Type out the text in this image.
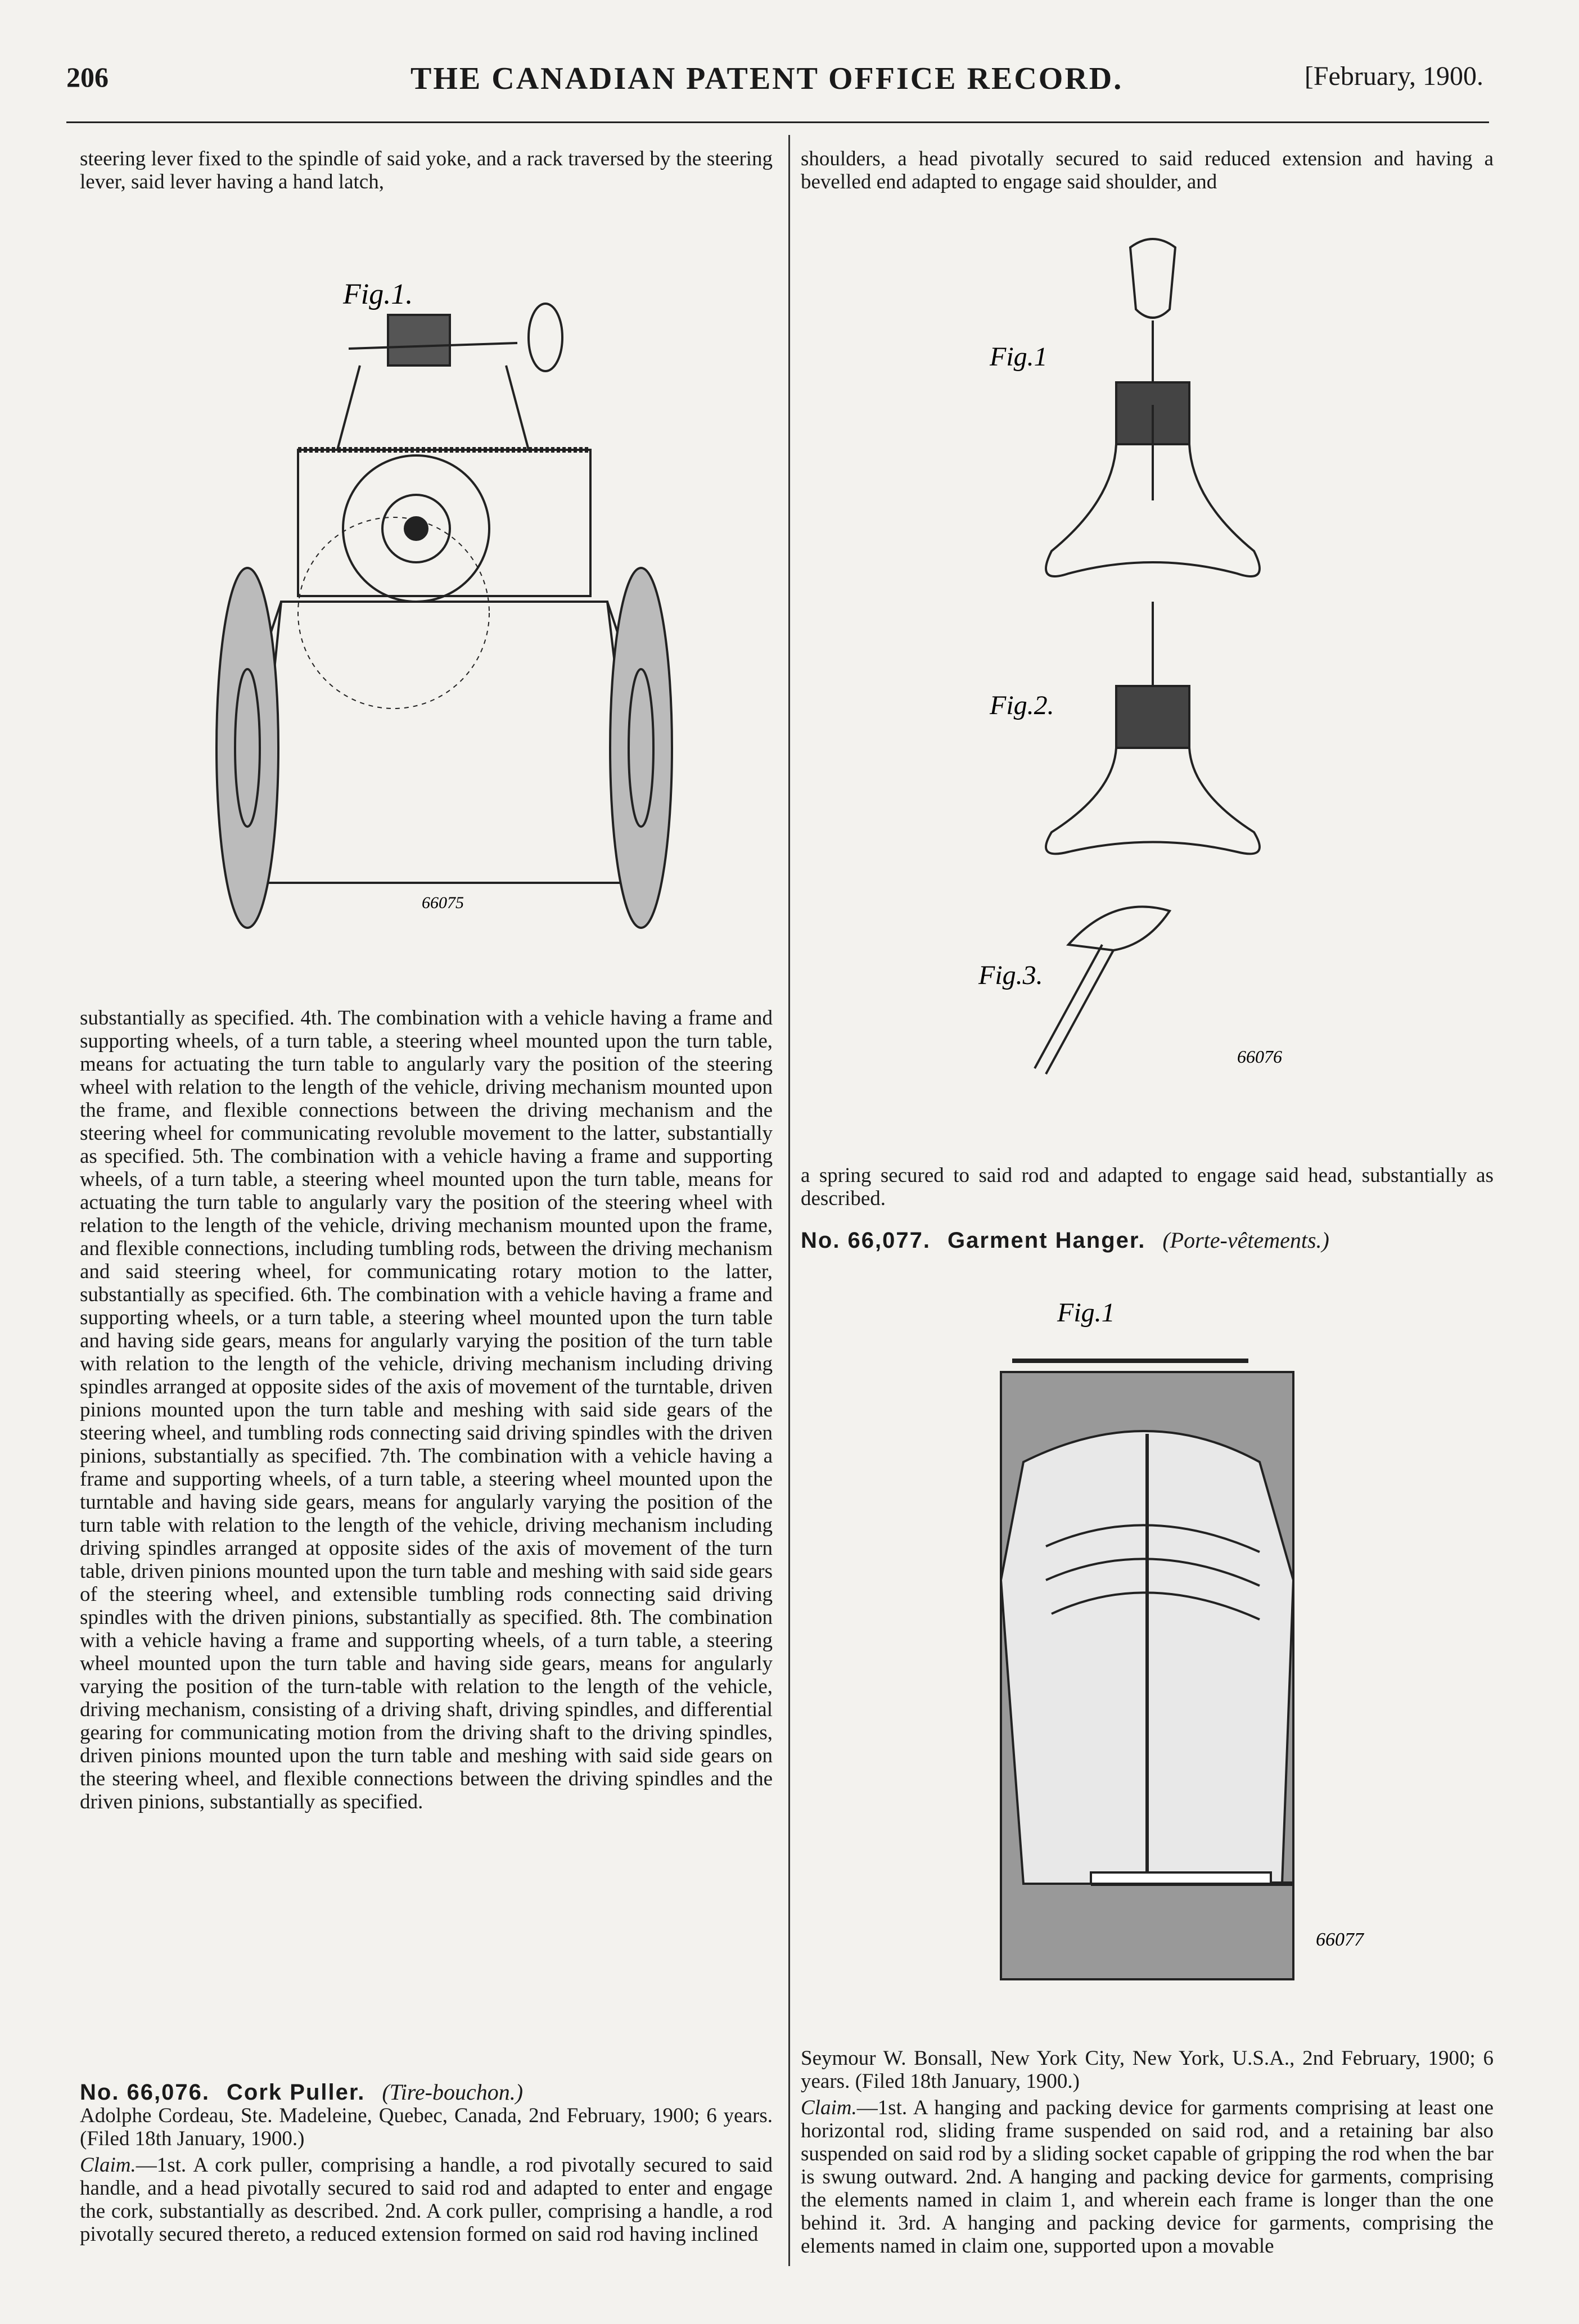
206	THE CANADIAN PATENT OFFICE RECORD.	[February, 1900.

steering lever fixed to the spindle of said yoke, and a rack traversed by the steering lever, said lever having a hand latch,

Fig.1.
66075

substantially as specified. 4th. The combination with a vehicle having a frame and supporting wheels, of a turn table, a steering wheel mounted upon the turn table, means for actuating the turn table to angularly vary the position of the steering wheel with relation to the length of the vehicle, driving mechanism mounted upon the frame, and flexible connections between the driving mechanism and the steering wheel for communicating revoluble movement to the latter, substantially as specified. 5th. The combination with a vehicle having a frame and supporting wheels, of a turn table, a steering wheel mounted upon the turn table, means for actuating the turn table to angularly vary the position of the steering wheel with relation to the length of the vehicle, driving mechanism mounted upon the frame, and flexible connections, including tumbling rods, between the driving mechanism and said steering wheel, for communicating rotary motion to the latter, substantially as specified. 6th. The combination with a vehicle having a frame and supporting wheels, or a turn table, a steering wheel mounted upon the turn table and having side gears, means for angularly varying the position of the turn table with relation to the length of the vehicle, driving mechanism including driving spindles arranged at opposite sides of the axis of movement of the turntable, driven pinions mounted upon the turn table and meshing with said side gears of the steering wheel, and tumbling rods connecting said driving spindles with the driven pinions, substantially as specified. 7th. The combination with a vehicle having a frame and supporting wheels, of a turn table, a steering wheel mounted upon the turntable and having side gears, means for angularly varying the position of the turn table with relation to the length of the vehicle, driving mechanism including driving spindles arranged at opposite sides of the axis of movement of the turn table, driven pinions mounted upon the turn table and meshing with said side gears of the steering wheel, and extensible tumbling rods connecting said driving spindles with the driven pinions, substantially as specified. 8th. The combination with a vehicle having a frame and supporting wheels, of a turn table, a steering wheel mounted upon the turn table and having side gears, means for angularly varying the position of the turn-table with relation to the length of the vehicle, driving mechanism, consisting of a driving shaft, driving spindles, and differential gearing for communicating motion from the driving shaft to the driving spindles, driven pinions mounted upon the turn table and meshing with said side gears on the steering wheel, and flexible connections between the driving spindles and the driven pinions, substantially as specified.

No. 66,076. Cork Puller. (Tire-bouchon.)

Adolphe Cordeau, Ste. Madeleine, Quebec, Canada, 2nd February, 1900; 6 years. (Filed 18th January, 1900.)

Claim.—1st. A cork puller, comprising a handle, a rod pivotally secured to said handle, and a head pivotally secured to said rod and adapted to enter and engage the cork, substantially as described. 2nd. A cork puller, comprising a handle, a rod pivotally secured thereto, a reduced extension formed on said rod having inclined

shoulders, a head pivotally secured to said reduced extension and having a bevelled end adapted to engage said shoulder, and

Fig.1
Fig.2.
Fig.3.
66076

a spring secured to said rod and adapted to engage said head, substantially as described.

No. 66,077. Garment Hanger. (Porte-vêtements.)

Fig.1
66077

Seymour W. Bonsall, New York City, New York, U.S.A., 2nd February, 1900; 6 years. (Filed 18th January, 1900.)

Claim.—1st. A hanging and packing device for garments comprising at least one horizontal rod, sliding frame suspended on said rod, and a retaining bar also suspended on said rod by a sliding socket capable of gripping the rod when the bar is swung outward. 2nd. A hanging and packing device for garments, comprising the elements named in claim 1, and wherein each frame is longer than the one behind it. 3rd. A hanging and packing device for garments, comprising the elements named in claim one, supported upon a movable
